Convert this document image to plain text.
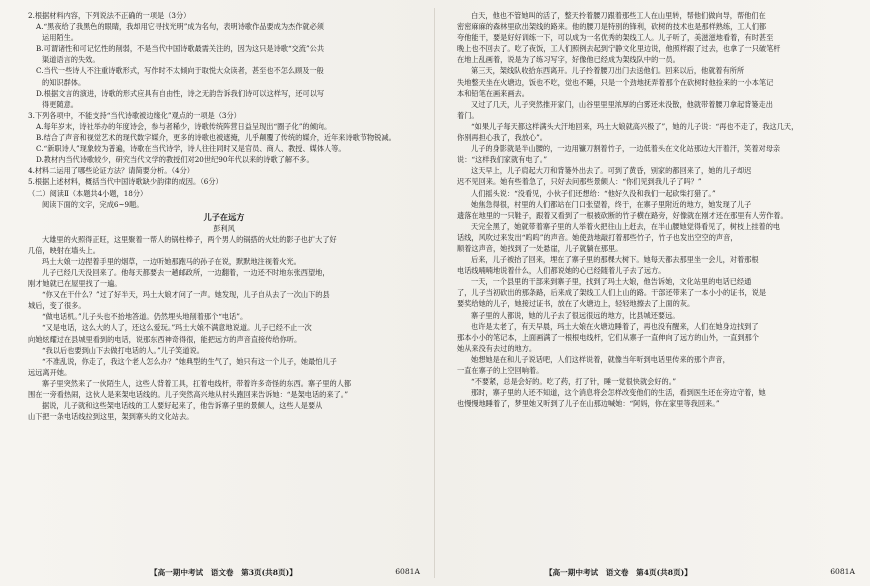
2.根据材料内容，下列说法不正确的一项是（3分）
A.“黑夜给了我黑色的眼睛，我却用它寻找光明”成为名句，表明诗歌作品要成为杰作就必须
运用陌生。
B.可谓诸性和可记忆性的削弱，不是当代中国诗歌最需关注的，因为这只是诗歌“交流”公共
渠道语言的失效。
C.当代一些诗人不注重诗歌形式，写作时不太倾向于取悦大众读者，甚至也不怎么顾及一般
的知识群体。
D.根据文言的演进，诗歌的形式应具有自由性，诗之无韵告诉我们诗可以这样写，还可以写
得更随意。
3.下列各项中，不能支持“当代诗歌被边缘化”观点的一项是（3分）
A.每年岁末，诗社举办的年度诗会，参与者稀少，诗歌传统阵营日益呈现出“圈子化”的倾向。
B.结合了声音和视觉艺术的现代数字媒介，更多的诗歌也被遮掩，儿乎颠覆了传统的媒介，近年来诗歌节物锐减。
C.“新职诗人”现象较为普遍，诗歌在当代诗学，诗人往往同时又是官员、商人、教授、媒体人等。
D.教材内当代诗歌较少，研究当代文学的教授们对20世纪90年代以来的诗歌了解不多。
4.材料二运用了哪些论证方法？请简要分析。（4分）
5.根据上述材料，概括当代中国诗歌缺少韵律的成因。（6分）
（二）阅读Ⅱ（本题共4小题，18分）
阅读下面的文字，完成6~9题。
儿子在远方
彭利风
大雄里的火照得正旺，这里聚着一帮人的锅柱棒子，两个男人的锅搭的火灶的影子也扩大了好
几倍，映射在墙头上。
玛土大娘一边捏着手里的烟草，一边听她那跑马的孙子在说，默默地注视着火光。
儿子已经几天没回来了。他每天都要去一趟邮政所，一边翻着，一边还不时地东张西望地，
刚才她就已在屋里找了一遍。
“你又在干什么？”过了好半天，玛土大娘才问了一声。她发现，儿子自从去了一次山下的县
城后，变了很多。
“做电话机。”儿子头也不抬地答道。仍然埋头地削着那个“电话”。
“又是电话，这么大的人了，还这么爱玩。”玛土大娘不满意地说道。儿子已经不止一次
向她炫耀过在县城里看到的电话，说那东西神奇得很，能把远方的声音直接传给你听。
“我以后也要到山下去做打电话的人。”儿子笑道说。
“不准乱说，你走了，我这个老人怎么办？”她典型的生气了，她只有这一个儿子，她最怕儿子
远远离开她。
寨子里突然来了一伙陌生人，这些人背着工具，扛着电线杆，带着许多奇怪的东西。寨子里的人都
围在一旁看热闹，这伙人是来架电话线的。儿子突然高兴地从村头跑回来告诉她：“是架电话的来了。”
据说，儿子就和这些架电话线的工人要好起来了，他告诉寨子里的景颇人，这些人是要从
山下把一条电话线拉到这里，架到寨头的文化站去。
白天，他也不管她叫的活了，整天拎着腰刀跟着那些工人在山里转，帮他们做向导，帮他们在
密密麻麻的森林里砍出架线的路来。他的腰刀是特别的锋利，砍树的技术也是那样熟练，工人们都
夸他能干，要是好好训练一下，可以成为一名优秀的架线工人。儿子听了，美滋滋地看着，有时甚至
晚上也不回去了。吃了夜饭，工人们照例去起到宁静文化里边说，他照样跟了过去，也拿了一只破笔杆
在地上乱画着，说是为了练习写字，好像他已经成为架线队中的一员。
第三天，架线队收拾东西离开。儿子拎着腰刀出门去送他们。回来以后，他就着有所所
失地整天坐在火塘边，饭也不吃，觉也不睡，只是一个劲地抚弄着那个在砍树时他捡来的一小本笔记
本和铅笔在画来画去。
又过了几天，儿子突然推开家门，山谷里里里浓厚的白雾还未没散，他就带着腰刀拿起背篓走出
着门。
“如果儿子每天都这样满头大汗地回来，玛土大娘就高兴极了”，她的儿子说：“再也不走了，我这几天，
你别再担心我了，我放心”。
儿子的身影就是半山腰的，一边用镰刀割着竹子，一边低着头在文化站那边大汗着汗，笑着对母亲
说：“这样我们家就有电了。”
这天早上，儿子肩起大刀和背篓外出去了。可到了黄昏，别家的都回来了，她的儿子却迟
迟不见回来。她有些着急了，只好去问那些景颇人：“你们见到我儿子了吗？”
人们摇头说：“没看见，小伙子们还想给：“他好久没和我们一起砍柴打猎了。”
她焦急得很，村里的人们都站在门口张望着，终于，在寨子里附近的地方，她发现了儿子
遗落在地里的一只鞋子，跟着又看到了一根被砍断的竹子横在路旁，好像就在刚才还在那里有人劳作着。
天完全黑了，她就带着寨子里的人举着火把往山上赶去，在半山腰她觉得看见了，树枝上挂着的电
话线，风吹过来发出“呜呜”的声音。她使劲地敲打着那些竹子，竹子也发出空空的声音，
顺着这声音，她找到了一处悬崖，儿子就躺在那里。
后来，儿子被抬了回来，埋在了寨子里的那棵大树下。她每天都去那里坐一会儿，对着那根
电话线喃喃地说着什么，人们都说她的心已经随着儿子去了远方。
一天，一个县里的干部来到寨子里，找到了玛土大娘，他告诉她，文化站里的电话已经通
了，儿子当初砍出的那条路，后来成了架线工人们上山的路。干部还带来了一本小小的证书，说是
要奖给她的儿子，她接过证书，放在了火塘边上，轻轻地擦去了上面的灰。
寨子里的人都说，她的儿子去了很远很远的地方，比县城还要远。
也许是太老了，有天早晨，玛土大娘在火塘边睡着了，再也没有醒来，人们在她身边找到了
那本小小的笔记本，上面画满了一根根电线杆，它们从寨子一直伸向了远方的山外，一直到那个
她从来没有去过的地方。
她想她是在和儿子说话吧，人们这样说着，就像当年听到电话里传来的那个声音，
一直在寨子的上空回响着。
“不要紧，总是会好的。吃了药，打了针，睡一觉很快就会好的。”
那时，寨子里的人还不知道，这个消息将会怎样改变他们的生活，看到医生还在旁边守着，她
也慢慢地睡着了，梦里她又听到了儿子在山那边喊她：“阿妈，你在家里等我回来。”
【高一期中考试　语文卷　第3页(共8页)】	6081A	【高一期中考试　语文卷　第4页(共8页)】	6081A
